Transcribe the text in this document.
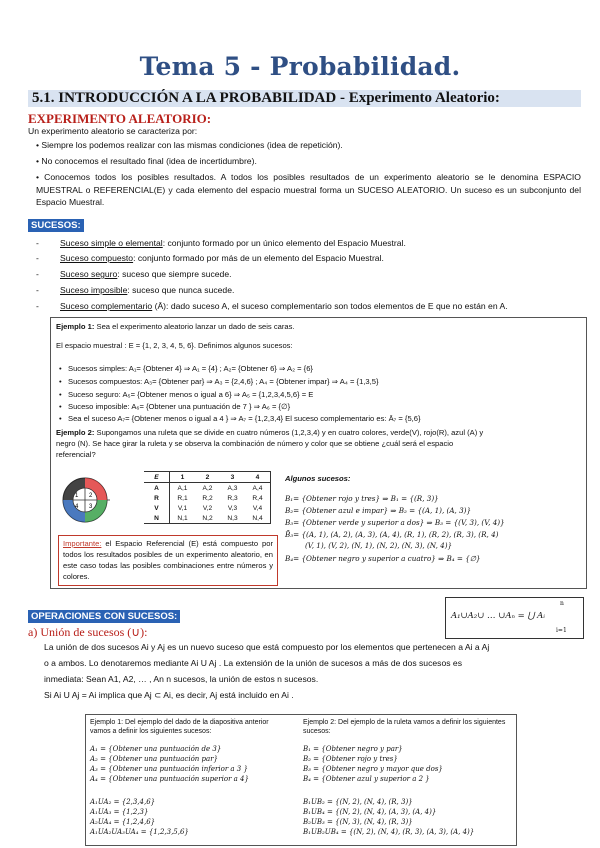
Tema 5 - Probabilidad.
5.1. INTRODUCCIÓN A LA PROBABILIDAD - Experimento Aleatorio:
EXPERIMENTO ALEATORIO:
Un experimento aleatorio se caracteriza por:
• Siempre los podemos realizar con las mismas condiciones (idea de repetición).
• No conocemos el resultado final (idea de incertidumbre).
• Conocemos todos los posibles resultados. A todos los posibles resultados de un experimento aleatorio se le denomina ESPACIO MUESTRAL o REFERENCIAL(E) y cada elemento del espacio muestral forma un SUCESO ALEATORIO. Un suceso es un subconjunto del Espacio Muestral.
SUCESOS:
- Suceso simple o elemental: conjunto formado por un único elemento del Espacio Muestral.
- Suceso compuesto: conjunto formado por más de un elemento del Espacio Muestral.
- Suceso seguro: suceso que siempre sucede.
- Suceso imposible: suceso que nunca sucede.
- Suceso complementario (Ā): dado suceso A, el suceso complementario son todos elementos de E que no están en A.
Ejemplo 1: Sea el experimento aleatorio lanzar un dado de seis caras.
El espacio muestral : E = {1, 2, 3, 4, 5, 6}. Definimos algunos sucesos:
•   Sucesos simples: A₁= {Obtener 4} ⇒ A₁ = {4} ; A₂= {Obtener 6} ⇒ A₂ = {6}
•   Sucesos compuestos: A₃= {Obtener par} ⇒ A₃ = {2,4,6} ; A₄ = {Obtener impar} ⇒ A₄ = {1,3,5}
•   Suceso seguro: A₅= {Obtener menos o igual a 6} ⇒ A₅ = {1,2,3,4,5,6} = E
•   Suceso imposible: A₆= {Obtener una puntuación de 7 } ⇒ A₆ = {∅}
•   Sea el suceso A₇= {Obtener menos o igual a 4 } ⇒ A₇ = {1,2,3,4} El suceso complementario es: Ā₇ = {5,6}
Ejemplo 2: Supongamos una ruleta que se divide en cuatro números (1,2,3,4) y en cuatro colores, verde(V), rojo(R), azul (A) y
negro (N). Se hace girar la ruleta y se observa la combinación de número y color que se obtiene ¿cuál será el espacio
referencial?
1 2
3
4
Algunos sucesos:
B₁= {Obtener rojo y tres} ⇒ B₁ = {(R, 3)}
B₂= {Obtener azul e impar} ⇒ B₂ = {(A, 1), (A, 3)}
B₃= {Obtener verde y superior a dos} ⇒ B₃ = {(V, 3), (V, 4)}
B̄₃= {(A, 1), (A, 2), (A, 3), (A, 4), (R, 1), (R, 2), (R, 3), (R, 4)
(V, 1), (V, 2), (N, 1), (N, 2), (N, 3), (N, 4)}
B₄= {Obtener negro y superior a cuatro} ⇒ B₄ = {∅}
E	1	2	3	4
A	A,1	A,2	A,3	A,4
R	R,1	R,2	R,3	R,4
V	V,1	V,2	V,3	V,4
N	N,1	N,2	N,3	N,4
Importante: el Espacio Referencial (E) está compuesto por todos los resultados posibles de un experimento aleatorio, en este caso todas las posibles combinaciones entre números y colores.
OPERACIONES CON SUCESOS:
a) Unión de sucesos (∪):
A₁∪A₂∪ … ∪Aₙ = ⋃ Aᵢ
n
i=1
La unión de dos sucesos Ai y Aj es un nuevo suceso que está compuesto por los elementos que pertenecen a Ai a Aj
o a ambos. Lo denotaremos mediante Ai U Aj . La extensión de la unión de sucesos a más de dos sucesos es
inmediata: Sean A1, A2, … , An n sucesos, la unión de estos n sucesos.
Si Ai U Aj = Ai implica que Aj ⊂ Ai, es decir, Aj está incluido en Ai .
Ejemplo 1: Del ejemplo del dado de la diapositiva anterior
vamos a definir los siguientes sucesos:
A₁ = {Obtener una puntuación de 3}
A₂ = {Obtener una puntuación par}
A₃ = {Obtener una puntuación inferior a 3 }
A₄ = {Obtener una puntuación superior a 4}
A₁UA₂ = {2,3,4,6}
A₁UA₃ = {1,2,3}
A₂UA₄ = {1,2,4,6}
A₁UA₂UA₃UA₄ = {1,2,3,5,6}
Ejemplo 2: Del ejemplo de la ruleta vamos a definir los siguientes
sucesos:
B₁ = {Obtener negro y par}
B₂ = {Obtener rojo y tres}
B₃ = {Obtener negro y mayor que dos}
B₄ = {Obtener azul y superior a 2 }
B₁UB₂ = {(N, 2), (N, 4), (R, 3)}
B₁UB₄ = {(N, 2), (N, 4), (A, 3), (A, 4)}
B₂UB₃ = {(N, 3), (N, 4), (R, 3)}
B₁UB₂UB₄ = {(N, 2), (N, 4), (R, 3), (A, 3), (A, 4)}
